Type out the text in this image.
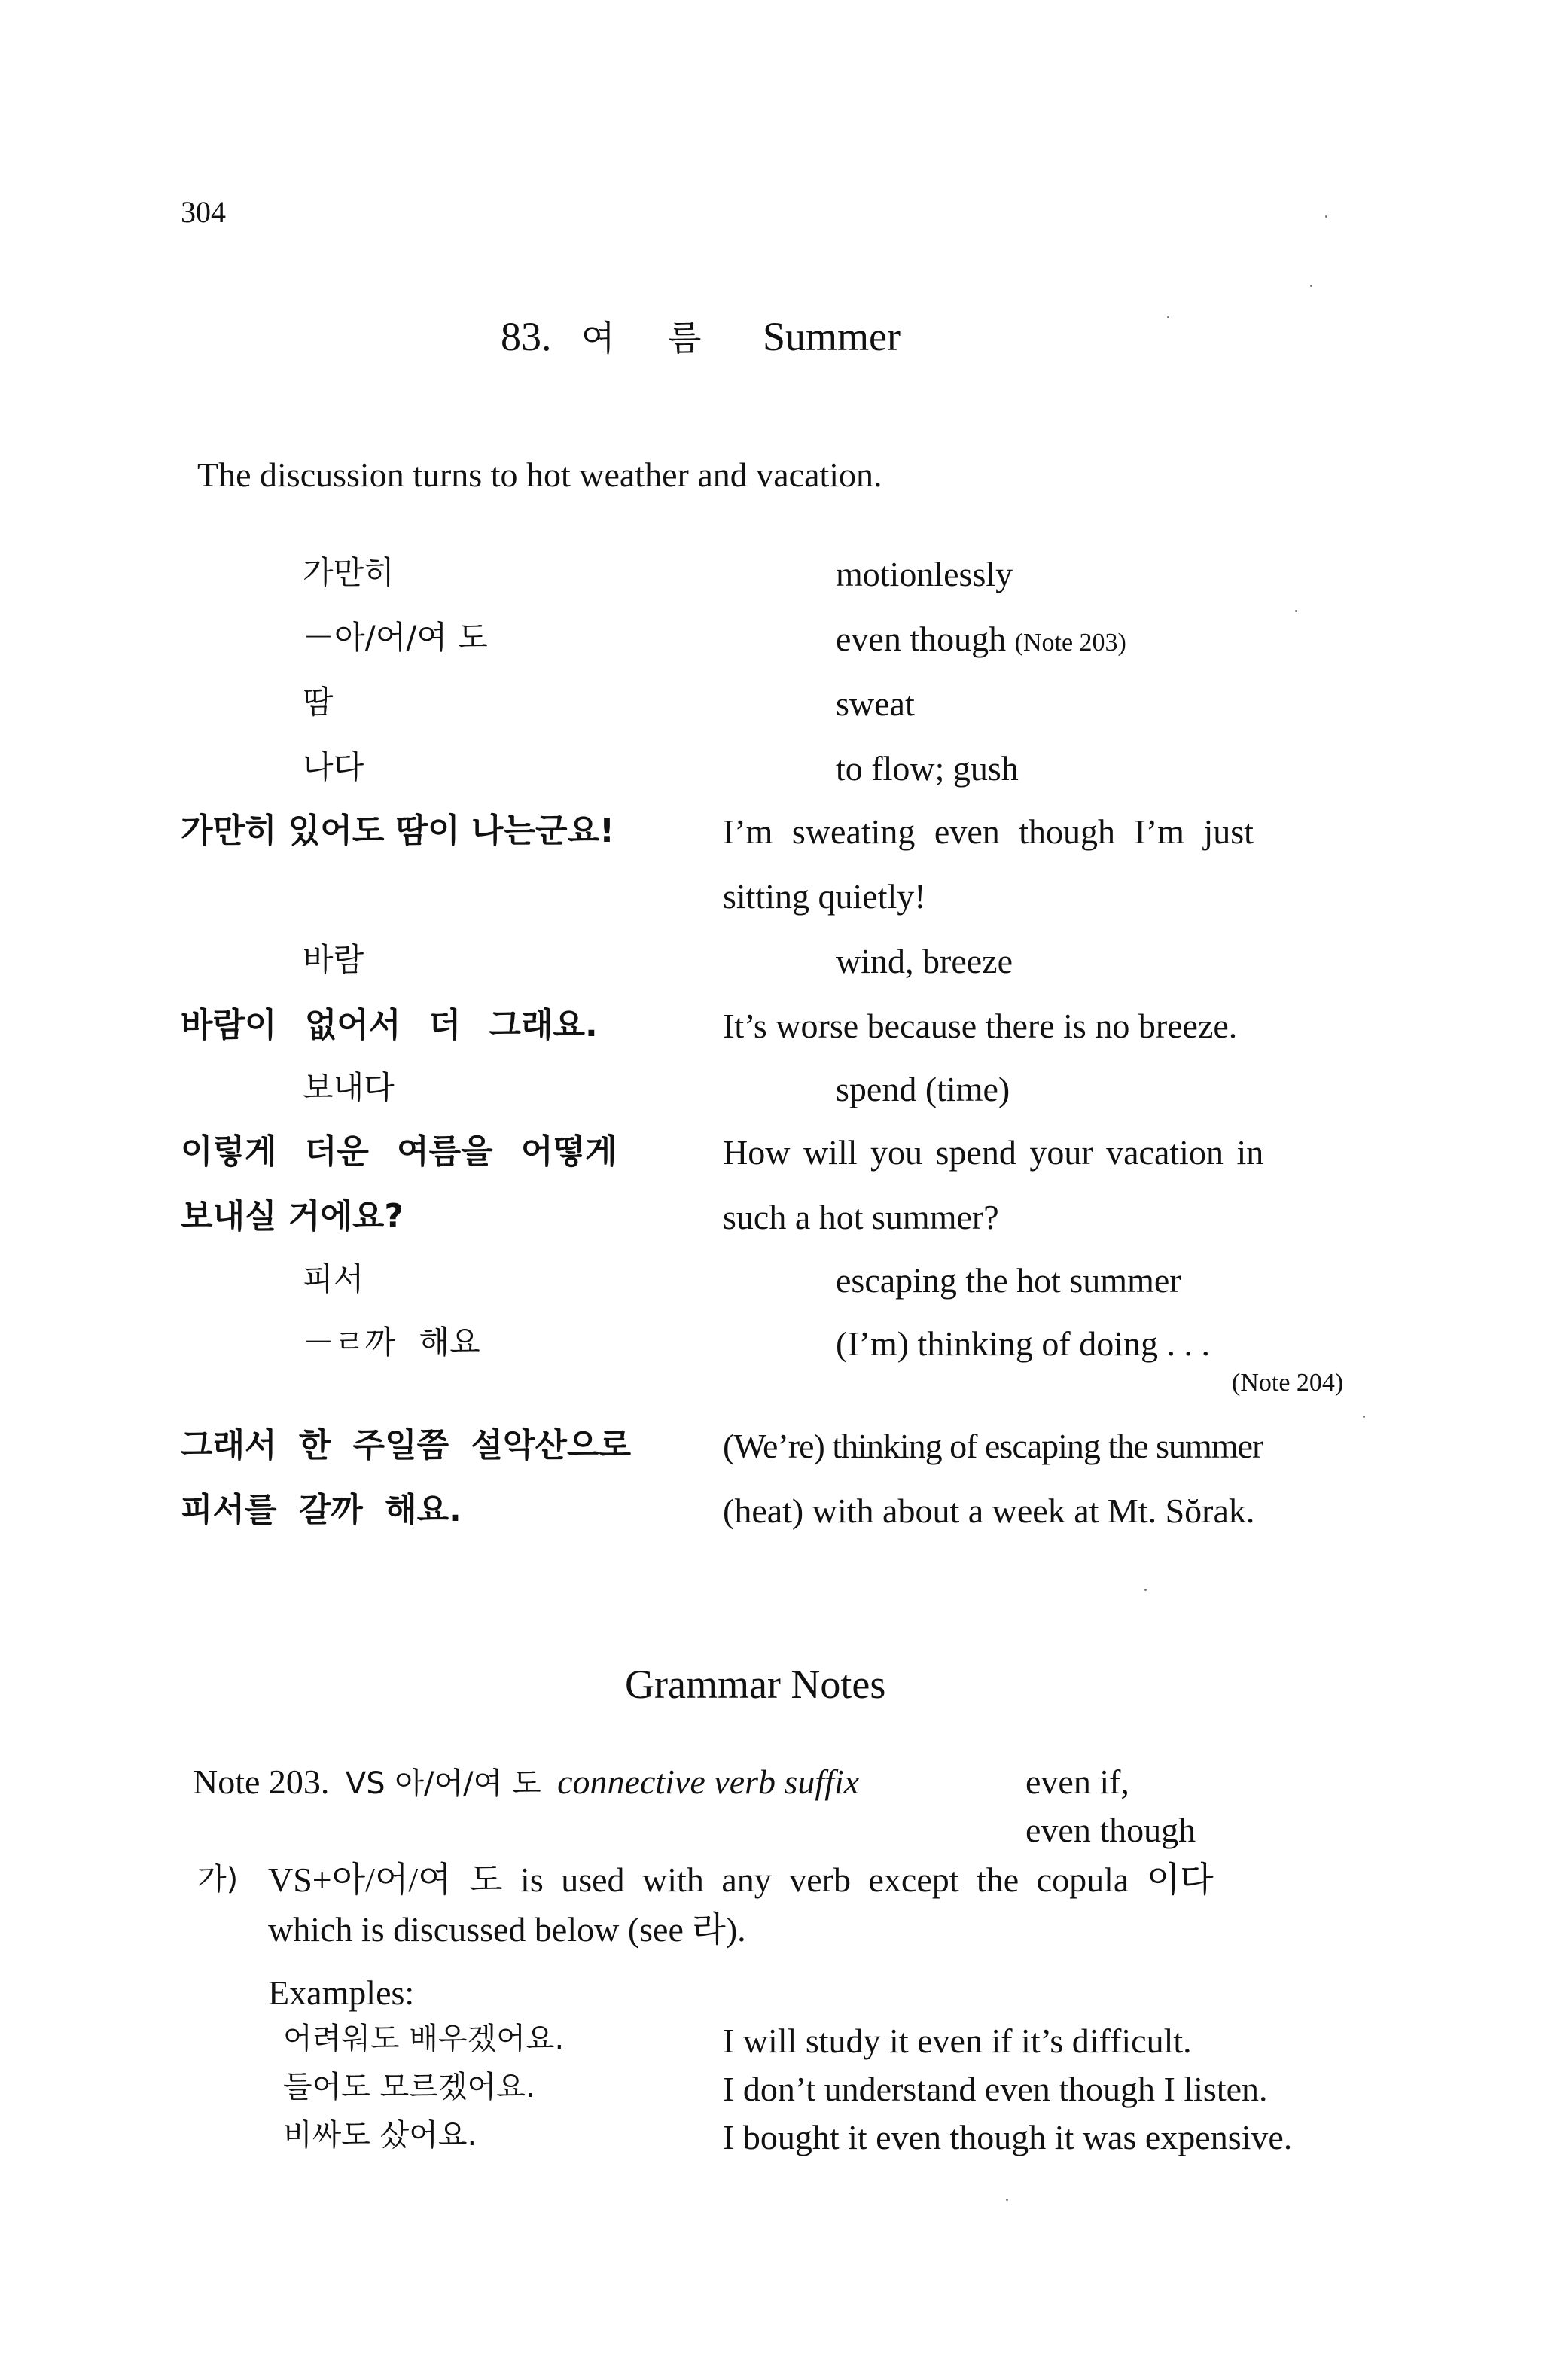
304
83. 여 름 Summer
The discussion turns to hot weather and vacation.
가만히	motionlessly
－아/어/여 도	even though (Note 203)
땀	sweat
나다	to flow; gush
가만히 있어도 땀이 나는군요!	I’m sweating even though I’m just
sitting quietly!
바람	wind, breeze
바람이 없어서 더 그래요.	It’s worse because there is no breeze.
보내다	spend (time)
이렇게 더운 여름을 어떻게	How will you spend your vacation in
보내실 거에요?	such a hot summer?
피서	escaping the hot summer
－ㄹ까 해요	(I’m) thinking of doing . . .
(Note 204)
그래서 한 주일쯤 설악산으로	(We’re) thinking of escaping the summer
피서를 갈까 해요.	(heat) with about a week at Mt. Sŏrak.
Grammar Notes
Note 203. VS 아/어/여 도 connective verb suffix	even if,
even though
가) VS+아/어/여 도 is used with any verb except the copula 이다
which is discussed below (see 라).
Examples:
어려워도 배우겠어요.	I will study it even if it’s difficult.
들어도 모르겠어요.	I don’t understand even though I listen.
비싸도 샀어요.	I bought it even though it was expensive.
